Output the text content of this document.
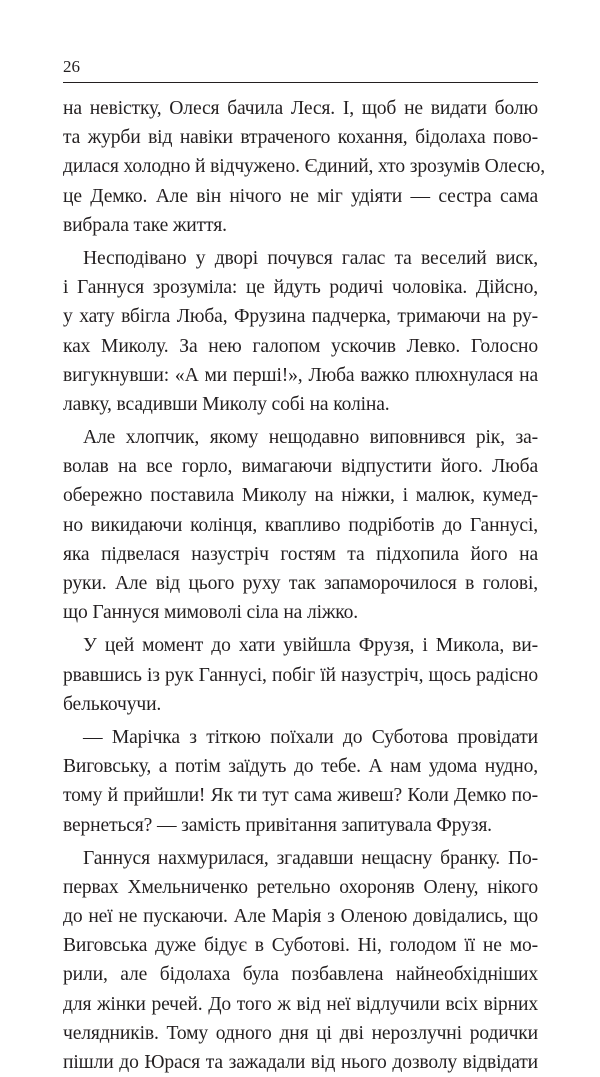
26
на невістку, Олеся бачила Леся. І, щоб не видати болю
та журби від навіки втраченого кохання, бідолаха пово-
дилася холодно й відчужено. Єдиний, хто зрозумів Олесю,
це Демко. Але він нічого не міг удіяти — сестра сама
вибрала таке життя.
Несподівано у дворі почувся галас та веселий виск,
і Ганнуся зрозуміла: це йдуть родичі чоловіка. Дійсно,
у хату вбігла Люба, Фрузина падчерка, тримаючи на ру-
ках Миколу. За нею галопом ускочив Левко. Голосно
вигукнувши: «А ми перші!», Люба важко плюхнулася на
лавку, всадивши Миколу собі на коліна.
Але хлопчик, якому нещодавно виповнився рік, за-
волав на все горло, вимагаючи відпустити його. Люба
обережно поставила Миколу на ніжки, і малюк, кумед-
но викидаючи колінця, квапливо подріботів до Ганнусі,
яка підвелася назустріч гостям та підхопила його на
руки. Але від цього руху так запаморочилося в голові,
що Ганнуся мимоволі сіла на ліжко.
У цей момент до хати увійшла Фрузя, і Микола, ви-
рвавшись із рук Ганнусі, побіг їй назустріч, щось радісно
белькочучи.
— Марічка з тіткою поїхали до Суботова провідати
Виговську, а потім заїдуть до тебе. А нам удома нудно,
тому й прийшли! Як ти тут сама живеш? Коли Демко по-
вернеться? — замість привітання запитувала Фрузя.
Ганнуся нахмурилася, згадавши нещасну бранку. По-
первах Хмельниченко ретельно охороняв Олену, нікого
до неї не пускаючи. Але Марія з Оленою довідались, що
Виговська дуже бідує в Суботові. Ні, голодом її не мо-
рили, але бідолаха була позбавлена найнеобхідніших
для жінки речей. До того ж від неї відлучили всіх вірних
челядників. Тому одного дня ці дві нерозлучні родички
пішли до Юрася та зажадали від нього дозволу відвідати
